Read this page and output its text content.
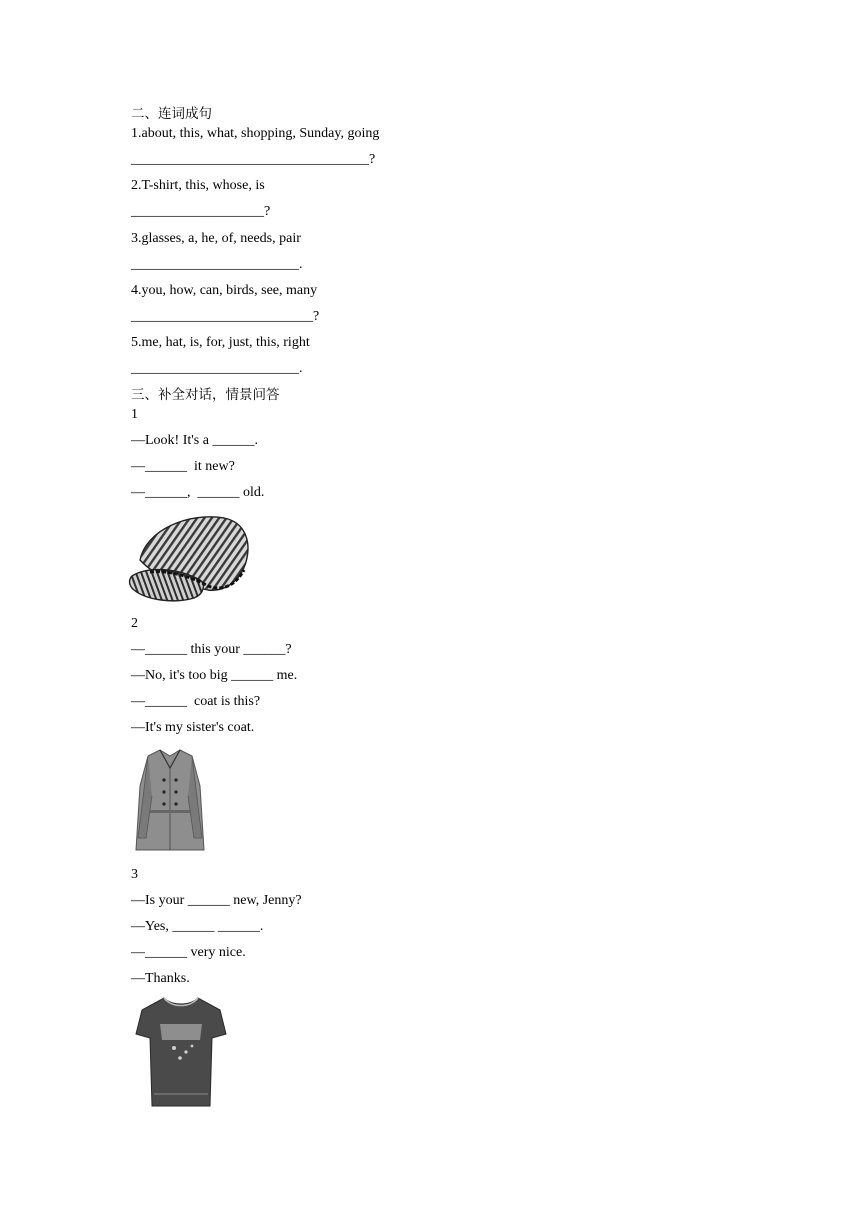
二、连词成句
1.about, this, what, shopping, Sunday, going
__________________________________?
2.T-shirt, this, whose, is
___________________?
3.glasses, a, he, of, needs, pair
________________________.
4.you, how, can, birds, see, many
__________________________?
5.me, hat, is, for, just, this, right
________________________.
三、补全对话，情景问答
1
—Look! It's a ______.
—______  it new?
—______,  ______ old.
2
—______ this your ______?
—No, it's too big ______ me.
—______  coat is this?
—It's my sister's coat.
3
—Is your ______ new, Jenny?
—Yes, ______ ______.
—______ very nice.
—Thanks.
